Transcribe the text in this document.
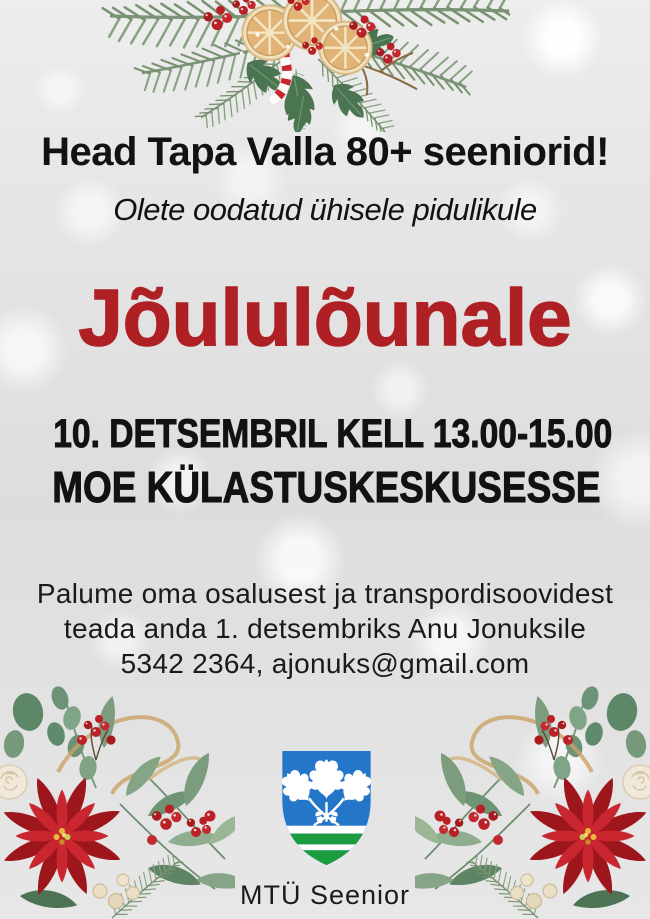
Head Tapa Valla 80+ seeniorid!
Olete oodatud ühisele pidulikule
Jõululõunale
10. DETSEMBRIL KELL 13.00-15.00
MOE KÜLASTUSKESKUSESSE
Palume oma osalusest ja transpordisoovidest
teada anda 1. detsembriks Anu Jonuksile
5342 2364, ajonuks@gmail.com
MTÜ Seenior
